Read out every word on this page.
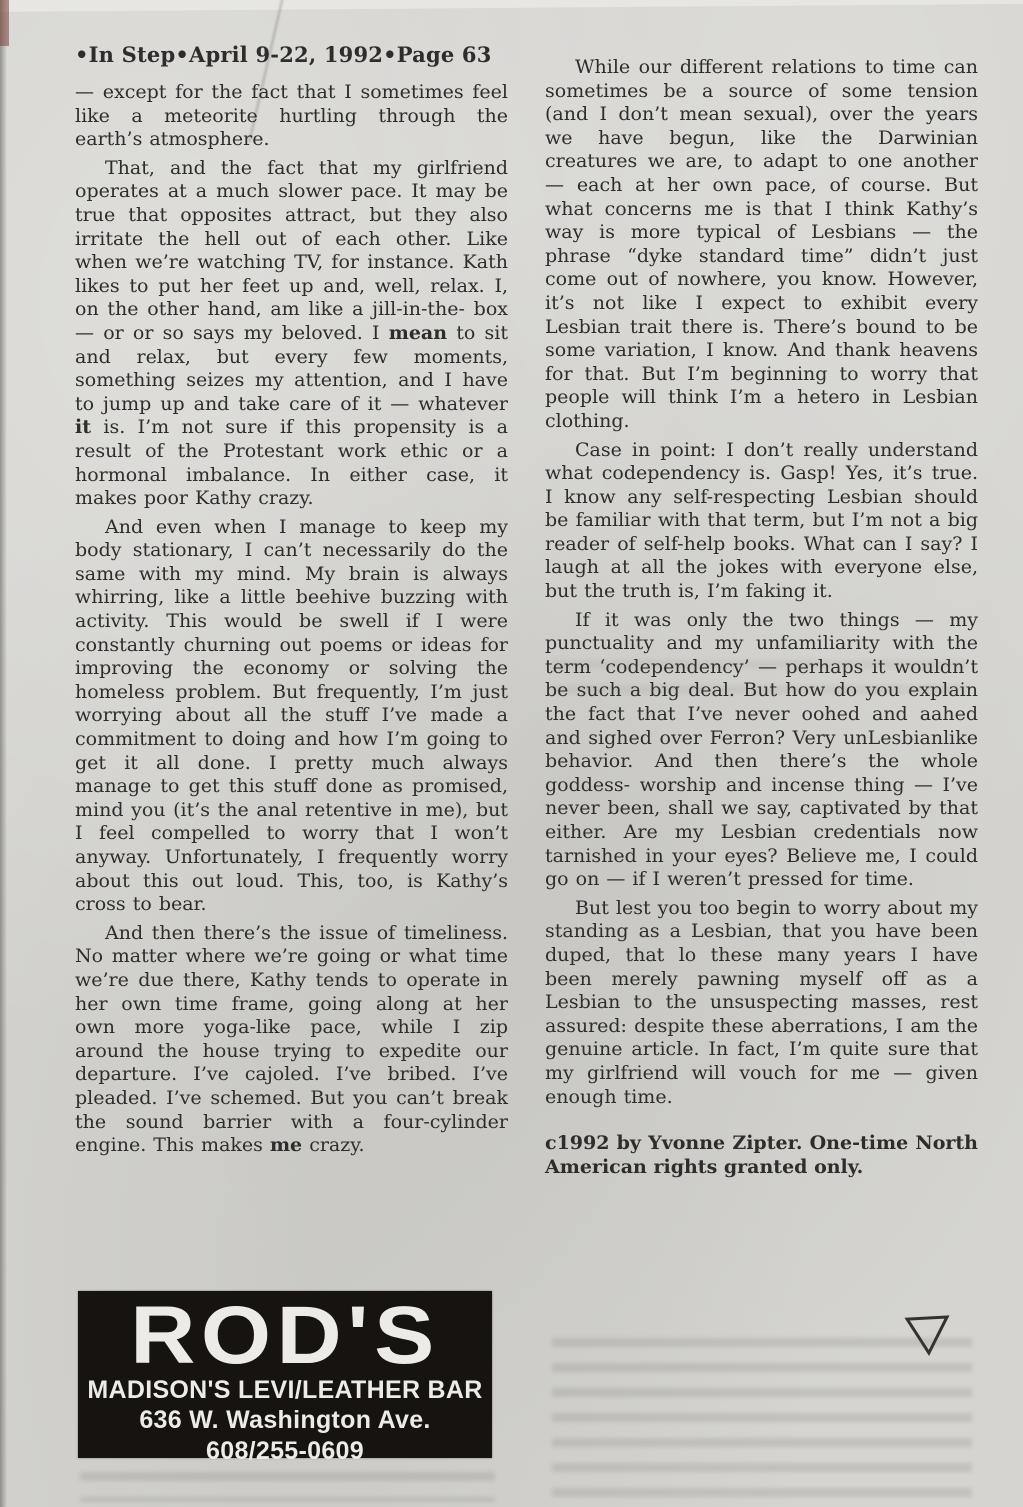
•In Step•April 9-22, 1992•Page 63

— except for the fact that I sometimes feel like a meteorite hurtling through the earth’s atmosphere.

That, and the fact that my girlfriend operates at a much slower pace. It may be true that opposites attract, but they also irritate the hell out of each other. Like when we’re watching TV, for instance. Kath likes to put her feet up and, well, relax. I, on the other hand, am like a jill-in-the- box — or or so says my beloved. I mean to sit and relax, but every few moments, something seizes my attention, and I have to jump up and take care of it — whatever it is. I’m not sure if this propensity is a result of the Protestant work ethic or a hormonal imbalance. In either case, it makes poor Kathy crazy.

And even when I manage to keep my body stationary, I can’t necessarily do the same with my mind. My brain is always whirring, like a little beehive buzzing with activity. This would be swell if I were constantly churning out poems or ideas for improving the economy or solving the homeless problem. But frequently, I’m just worrying about all the stuff I’ve made a commitment to doing and how I’m going to get it all done. I pretty much always manage to get this stuff done as promised, mind you (it’s the anal retentive in me), but I feel compelled to worry that I won’t anyway. Unfortunately, I frequently worry about this out loud. This, too, is Kathy’s cross to bear.

And then there’s the issue of timeliness. No matter where we’re going or what time we’re due there, Kathy tends to operate in her own time frame, going along at her own more yoga-like pace, while I zip around the house trying to expedite our departure. I’ve cajoled. I’ve bribed. I’ve pleaded. I’ve schemed. But you can’t break the sound barrier with a four-cylinder engine. This makes me crazy.

While our different relations to time can sometimes be a source of some tension (and I don’t mean sexual), over the years we have begun, like the Darwinian creatures we are, to adapt to one another — each at her own pace, of course. But what concerns me is that I think Kathy’s way is more typical of Lesbians — the phrase “dyke standard time” didn’t just come out of nowhere, you know. However, it’s not like I expect to exhibit every Lesbian trait there is. There’s bound to be some variation, I know. And thank heavens for that. But I’m beginning to worry that people will think I’m a hetero in Lesbian clothing.

Case in point: I don’t really understand what codependency is. Gasp! Yes, it’s true. I know any self-respecting Lesbian should be familiar with that term, but I’m not a big reader of self-help books. What can I say? I laugh at all the jokes with everyone else, but the truth is, I’m faking it.

If it was only the two things — my punctuality and my unfamiliarity with the term ‘codependency’ — perhaps it wouldn’t be such a big deal. But how do you explain the fact that I’ve never oohed and aahed and sighed over Ferron? Very unLesbianlike behavior. And then there’s the whole goddess- worship and incense thing — I’ve never been, shall we say, captivated by that either. Are my Lesbian credentials now tarnished in your eyes? Believe me, I could go on — if I weren’t pressed for time.

But lest you too begin to worry about my standing as a Lesbian, that you have been duped, that lo these many years I have been merely pawning myself off as a Lesbian to the unsuspecting masses, rest assured: despite these aberrations, I am the genuine article. In fact, I’m quite sure that my girlfriend will vouch for me — given enough time.

c1992 by Yvonne Zipter. One-time North American rights granted only.

ROD'S
MADISON'S LEVI/LEATHER BAR
636 W. Washington Ave.
608/255-0609
